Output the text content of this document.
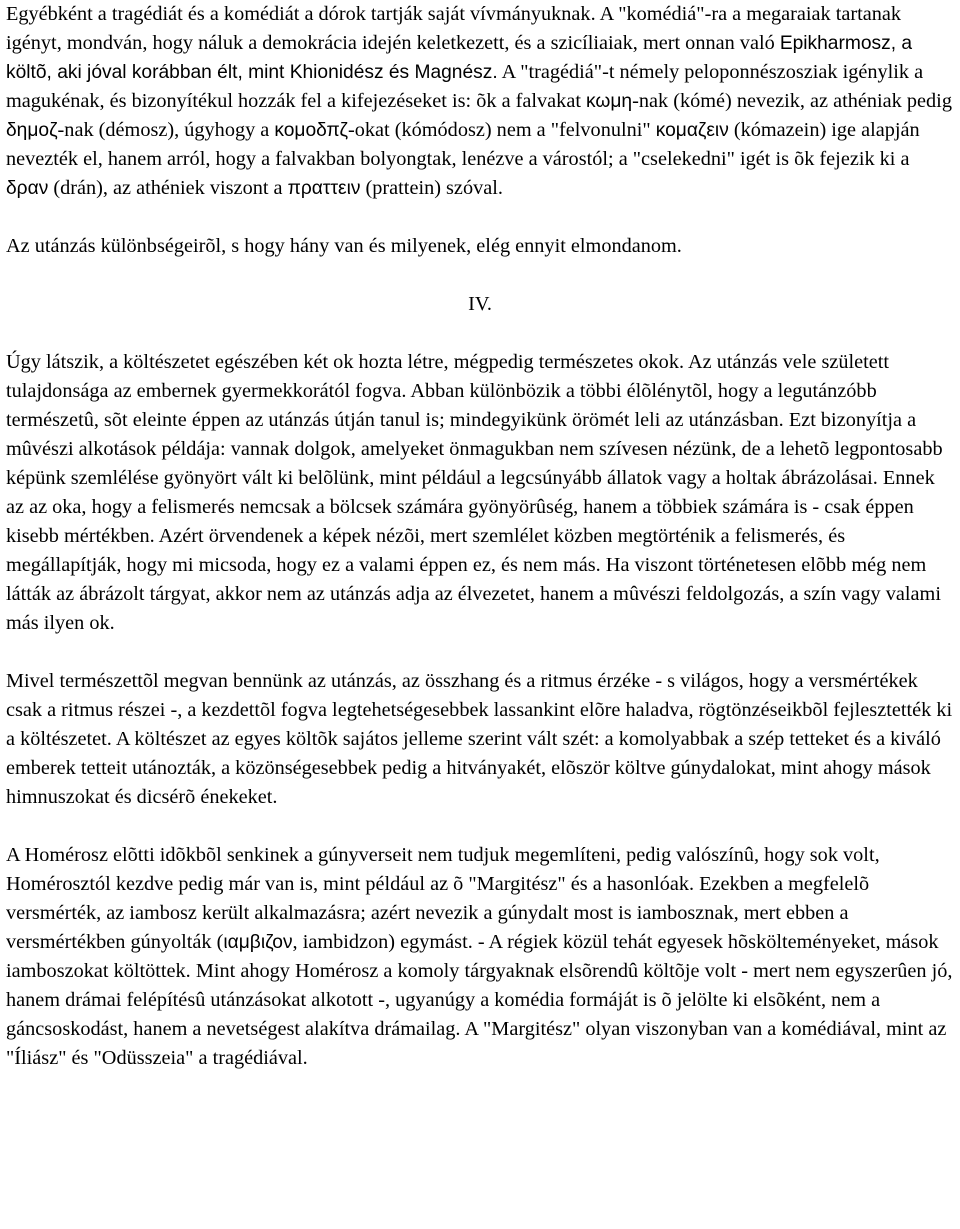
Egyébként a tragédiát és a komédiát a dórok tartják saját vívmányuknak. A "komédiá"-ra a megaraiak tartanak igényt, mondván, hogy náluk a demokrácia idején keletkezett, és a szicíliaiak, mert onnan való Epikharmosz, a költõ, aki jóval korábban élt, mint Khionidész és Magnész. A "tragédiá"-t némely peloponnészosziak igénylik a magukénak, és bizonyítékul hozzák fel a kifejezéseket is: õk a falvakat κωμη-nak (kómé) nevezik, az athéniak pedig δημοζ-nak (démosz), úgyhogy a κομοδπζ-okat (kómódosz) nem a "felvonulni" κομαζειν (kómazein) ige alapján nevezték el, hanem arról, hogy a falvakban bolyongtak, lenézve a várostól; a "cselekedni" igét is õk fejezik ki a δραν (drán), az athéniek viszont a πραττειν (prattein) szóval.

Az utánzás különbségeirõl, s hogy hány van és milyenek, elég ennyit elmondanom.

IV.

Úgy látszik, a költészetet egészében két ok hozta létre, mégpedig természetes okok. Az utánzás vele született tulajdonsága az embernek gyermekkorától fogva. Abban különbözik a többi élõlénytõl, hogy a legutánzóbb természetû, sõt eleinte éppen az utánzás útján tanul is; mindegyikünk örömét leli az utánzásban. Ezt bizonyítja a mûvészi alkotások példája: vannak dolgok, amelyeket önmagukban nem szívesen nézünk, de a lehetõ legpontosabb képünk szemlélése gyönyört vált ki belõlünk, mint például a legcsúnyább állatok vagy a holtak ábrázolásai. Ennek az az oka, hogy a felismerés nemcsak a bölcsek számára gyönyörûség, hanem a többiek számára is - csak éppen kisebb mértékben. Azért örvendenek a képek nézõi, mert szemlélet közben megtörténik a felismerés, és megállapítják, hogy mi micsoda, hogy ez a valami éppen ez, és nem más. Ha viszont történetesen elõbb még nem látták az ábrázolt tárgyat, akkor nem az utánzás adja az élvezetet, hanem a mûvészi feldolgozás, a szín vagy valami más ilyen ok.

Mivel természettõl megvan bennünk az utánzás, az összhang és a ritmus érzéke - s világos, hogy a versmértékek csak a ritmus részei -, a kezdettõl fogva legtehetségesebbek lassankint elõre haladva, rögtönzéseikbõl fejlesztették ki a költészetet. A költészet az egyes költõk sajátos jelleme szerint vált szét: a komolyabbak a szép tetteket és a kiváló emberek tetteit utánozták, a közönségesebbek pedig a hitványakét, elõször költve gúnydalokat, mint ahogy mások himnuszokat és dicsérõ énekeket.

A Homérosz elõtti idõkbõl senkinek a gúnyverseit nem tudjuk megemlíteni, pedig valószínû, hogy sok volt, Homérosztól kezdve pedig már van is, mint például az õ "Margitész" és a hasonlóak. Ezekben a megfelelõ versmérték, az iambosz került alkalmazásra; azért nevezik a gúnydalt most is iambosznak, mert ebben a versmértékben gúnyolták (ιαμβιζον, iambidzon) egymást. - A régiek közül tehát egyesek hõskölteményeket, mások iamboszokat költöttek. Mint ahogy Homérosz a komoly tárgyaknak elsõrendû költõje volt - mert nem egyszerûen jó, hanem drámai felépítésû utánzásokat alkotott -, ugyanúgy a komédia formáját is õ jelölte ki elsõként, nem a gáncsoskodást, hanem a nevetségest alakítva drámailag. A "Margitész" olyan viszonyban van a komédiával, mint az "Íliász" és "Odüsszeia" a tragédiával.
